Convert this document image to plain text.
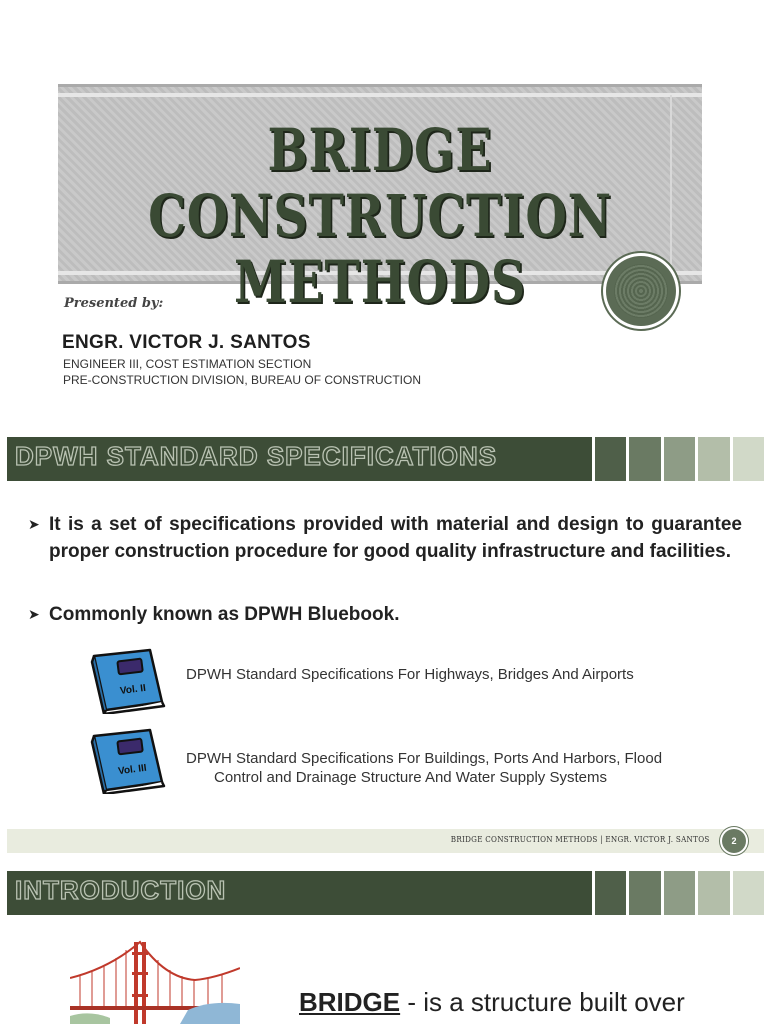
BRIDGE CONSTRUCTION
METHODS
Presented by:
ENGR. VICTOR J. SANTOS
ENGINEER III, COST ESTIMATION SECTION
PRE-CONSTRUCTION DIVISION, BUREAU OF CONSTRUCTION
DPWH STANDARD SPECIFICATIONS
➤ It is a set of specifications provided with material and design to guarantee proper construction procedure for good quality infrastructure and facilities.
➤ Commonly known as DPWH Bluebook.
Vol. II
DPWH Standard Specifications For Highways, Bridges And Airports
Vol. III
DPWH Standard Specifications For Buildings, Ports And Harbors, Flood
Control and Drainage Structure And Water Supply Systems
BRIDGE CONSTRUCTION METHODS | ENGR. VICTOR J. SANTOS	2
INTRODUCTION
BRIDGE - is a structure built over
